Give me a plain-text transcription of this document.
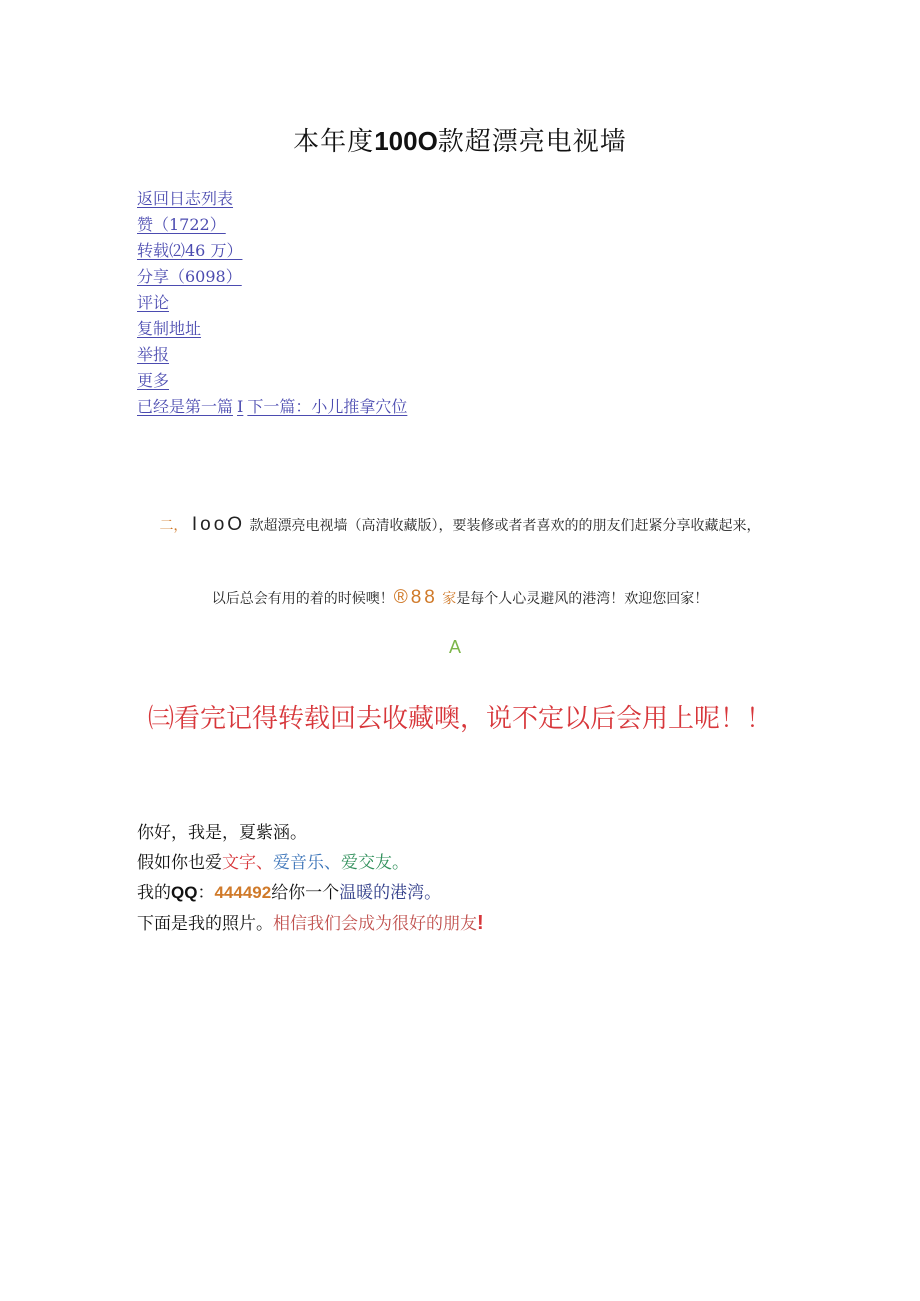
本年度100O款超漂亮电视墙
返回日志列表
赞（1722）
转载⑵46 万）
分享（6098）
评论
复制地址
举报
更多
已经是第一篇 I 下一篇：小儿推拿穴位
二， IooO 款超漂亮电视墙（高清收藏版），要装修或者者喜欢的的朋友们赶紧分享收藏起来，
以后总会有用的着的时候噢！®88 家是每个人心灵避风的港湾！欢迎您回家！
A
㈢看完记得转载回去收藏噢，说不定以后会用上呢！！

你好，我是，夏紫涵。

假如你也爱文字、爱音乐、爱交友。

我的QQ：444492给你一个温暖的港湾。

下面是我的照片。相信我们会成为很好的朋友!
